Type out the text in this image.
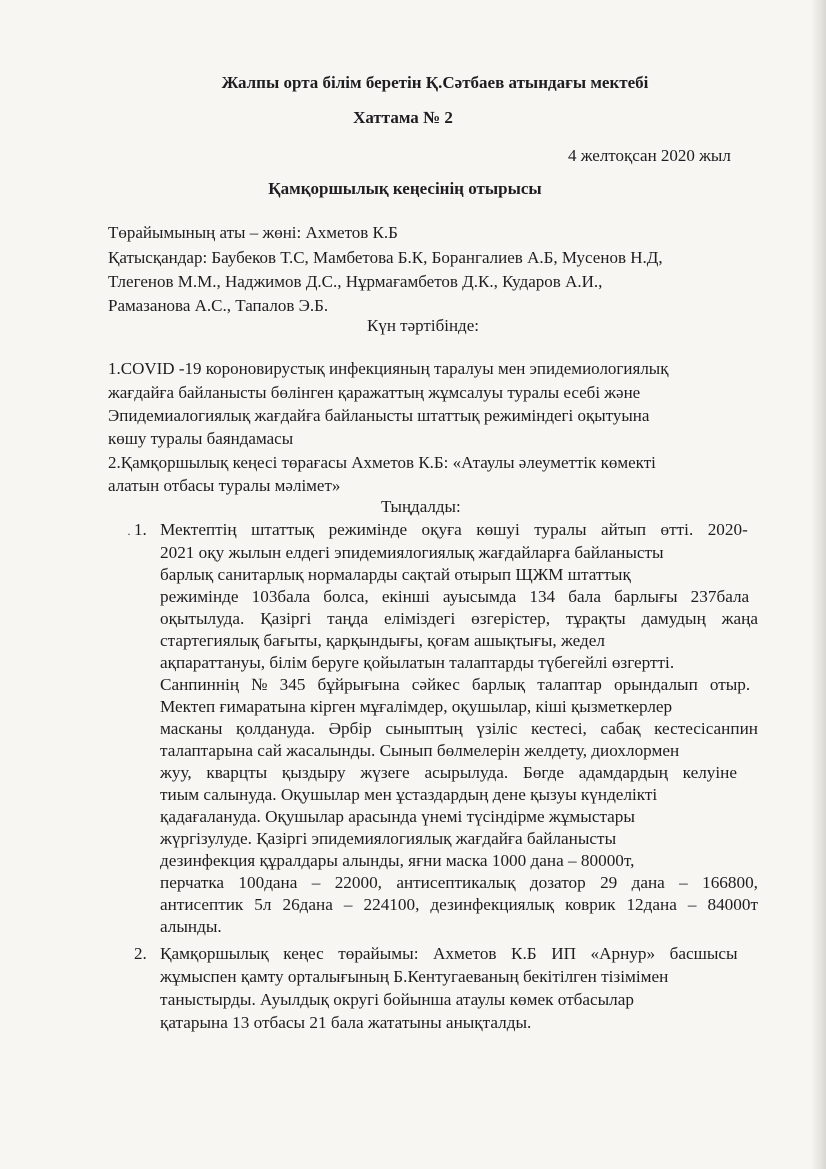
Жалпы орта білім беретін Қ.Сәтбаев атындағы мектебі
Хаттама № 2
4 желтоқсан 2020 жыл
Қамқоршылық кеңесінің отырысы
Төрайымының аты – жөні: Ахметов К.Б
Қатысқандар: Баубеков Т.С, Мамбетова Б.К, Борангалиев А.Б, Мусенов Н.Д,
Тлегенов М.М., Наджимов Д.С., Нұрмағамбетов Д.К., Кударов А.И.,
Рамазанова А.С., Тапалов Э.Б.
Күн тәртібінде:
1.COVID -19 короновирустық инфекцияның таралуы мен эпидемиологиялық
жағдайға байланысты бөлінген қаражаттың жұмсалуы туралы есебі және
Эпидемиалогиялық жағдайға байланысты штаттық режиміндегі оқытуына
көшу туралы баяндамасы
2.Қамқоршылық кеңесі төрағасы Ахметов К.Б: «Атаулы әлеуметтік көмекті
алатын отбасы туралы мәлімет»
Тыңдалды:
· 1. Мектептің штаттық режимінде оқуға көшуі туралы айтып өтті. 2020-
2021 оқу жылын елдегі эпидемиялогиялық жағдайларға байланысты
барлық санитарлық нормаларды сақтай отырып ЩЖМ штаттық
режимінде 103бала болса, екінші ауысымда 134 бала барлығы 237бала
оқытылуда. Қазіргі таңда еліміздегі өзгерістер, тұрақты дамудың жаңа
стартегиялық бағыты, қарқындығы, қоғам ашықтығы, жедел
ақпараттануы, білім беруге қойылатын талаптарды түбегейлі өзгертті.
Санпиннің № 345 бұйрығына сәйкес барлық талаптар орындалып отыр.
Мектеп ғимаратына кірген мұғалімдер, оқушылар, кіші қызметкерлер
масканы қолдануда. Әрбір сыныптың үзіліс кестесі, сабақ кестесісанпин
талаптарына сай жасалынды. Сынып бөлмелерін желдету, диохлормен
жуу, кварцты қыздыру жүзеге асырылуда. Бөгде адамдардың келуіне
тиым салынуда. Оқушылар мен ұстаздардың дене қызуы күнделікті
қадағалануда. Оқушылар арасында үнемі түсіндірме жұмыстары
жүргізулуде. Қазіргі эпидемиялогиялық жағдайға байланысты
дезинфекция құралдары алынды, яғни маска 1000 дана – 80000т,
перчатка 100дана – 22000, антисептикалық дозатор 29 дана – 166800,
антисептик 5л 26дана – 224100, дезинфекциялық коврик 12дана – 84000т
алынды.
2. Қамқоршылық кеңес төрайымы: Ахметов К.Б ИП «Арнур» басшысы
жұмыспен қамту орталығының Б.Кентугаеваның бекітілген тізімімен
таныстырды. Ауылдық округі бойынша атаулы көмек отбасылар
қатарына 13 отбасы 21 бала жататыны анықталды.
